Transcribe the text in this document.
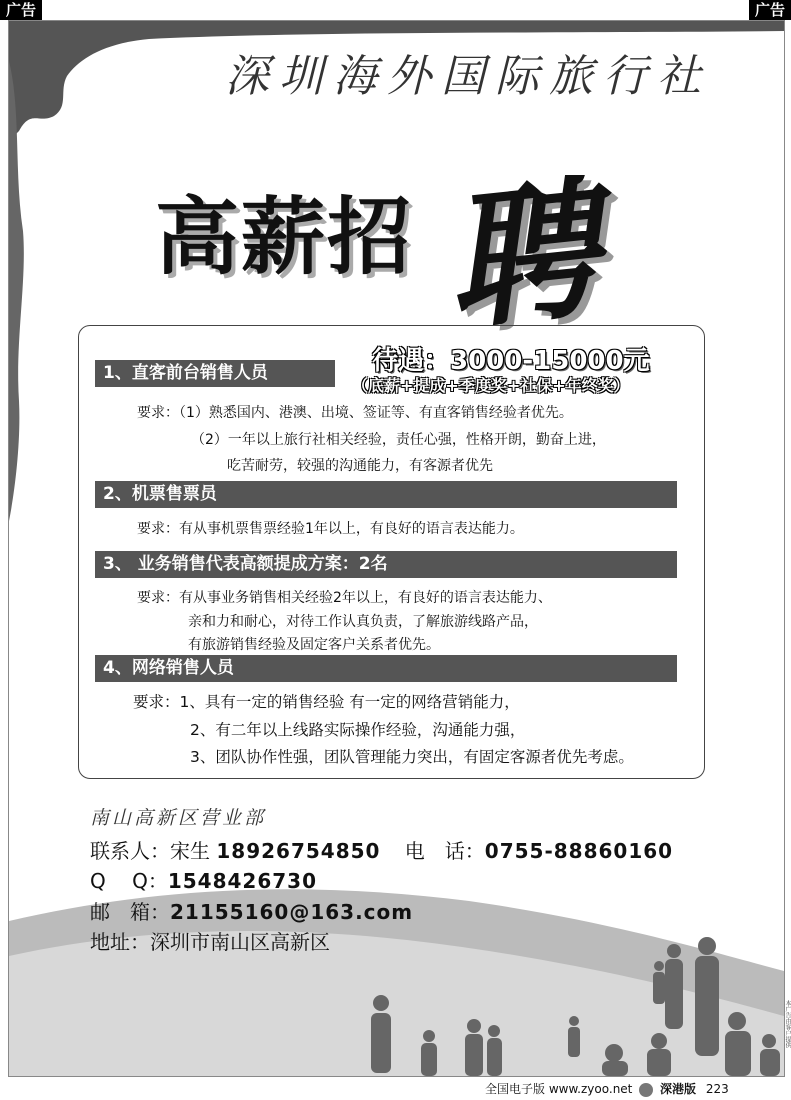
广告	广告
深圳海外国际旅行社
高薪招 聘
1、直客前台销售人员	待遇：3000-15000元
（底薪+提成+季度奖+社保+年终奖）
要求：（1）熟悉国内、港澳、出境、签证等、有直客销售经验者优先。
（2）一年以上旅行社相关经验，责任心强，性格开朗，勤奋上进，
吃苦耐劳，较强的沟通能力，有客源者优先
2、机票售票员
要求：有从事机票售票经验1年以上，有良好的语言表达能力。
3、 业务销售代表高额提成方案：2名
要求：有从事业务销售相关经验2年以上，有良好的语言表达能力、
亲和力和耐心，对待工作认真负责，了解旅游线路产品，
有旅游销售经验及固定客户关系者优先。
4、网络销售人员
要求：1、具有一定的销售经验 有一定的网络营销能力，
2、有二年以上线路实际操作经验，沟通能力强，
3、团队协作性强，团队管理能力突出，有固定客源者优先考虑。
南山高新区营业部
联系人：宋生 18926754850 电　话：0755-88860160
Q　 Q：1548426730
邮　箱：21155160@163.com
地址：深圳市南山区高新区
本广告由客户提供
全国电子版 www.zyoo.net 深港版 223
